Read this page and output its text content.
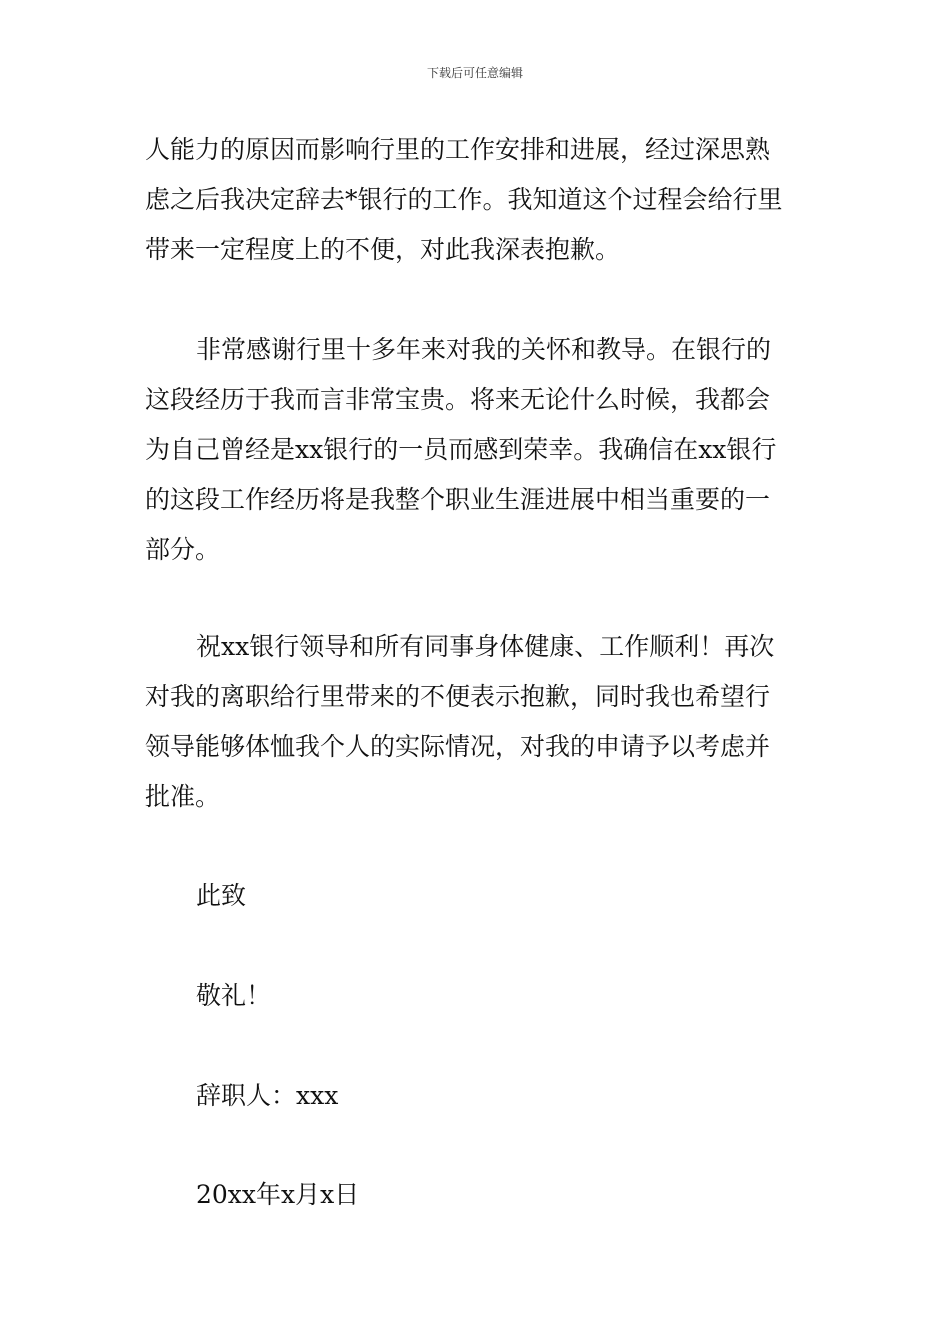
下载后可任意编辑
人能力的原因而影响行里的工作安排和进展，经过深思熟
虑之后我决定辞去*银行的工作。我知道这个过程会给行里
带来一定程度上的不便，对此我深表抱歉。
非常感谢行里十多年来对我的关怀和教导。在银行的
这段经历于我而言非常宝贵。将来无论什么时候，我都会
为自己曾经是xx银行的一员而感到荣幸。我确信在xx银行
的这段工作经历将是我整个职业生涯进展中相当重要的一
部分。
祝xx银行领导和所有同事身体健康、工作顺利！再次
对我的离职给行里带来的不便表示抱歉，同时我也希望行
领导能够体恤我个人的实际情况，对我的申请予以考虑并
批准。
此致
敬礼！
辞职人：xxx
20xx年x月x日
